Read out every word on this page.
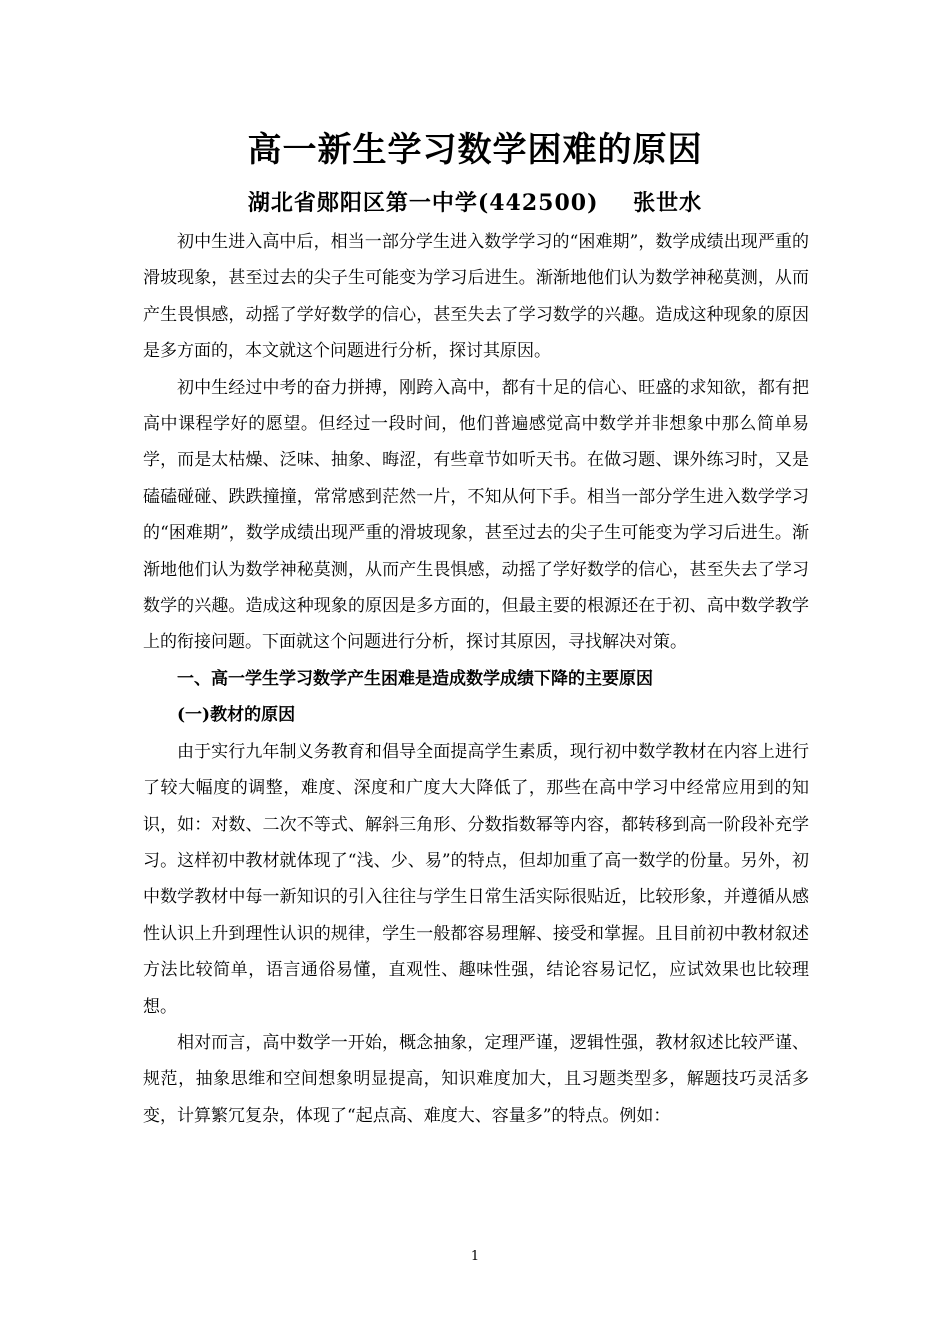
高一新生学习数学困难的原因
湖北省郧阳区第一中学(442500)    张世水

初中生进入高中后，相当一部分学生进入数学学习的“困难期”，数学成绩出现严重的滑坡现象，甚至过去的尖子生可能变为学习后进生。渐渐地他们认为数学神秘莫测，从而产生畏惧感，动摇了学好数学的信心，甚至失去了学习数学的兴趣。造成这种现象的原因是多方面的，本文就这个问题进行分析，探讨其原因。

初中生经过中考的奋力拼搏，刚跨入高中，都有十足的信心、旺盛的求知欲，都有把高中课程学好的愿望。但经过一段时间，他们普遍感觉高中数学并非想象中那么简单易学，而是太枯燥、泛味、抽象、晦涩，有些章节如听天书。在做习题、课外练习时，又是磕磕碰碰、跌跌撞撞，常常感到茫然一片，不知从何下手。相当一部分学生进入数学学习的“困难期”，数学成绩出现严重的滑坡现象，甚至过去的尖子生可能变为学习后进生。渐渐地他们认为数学神秘莫测，从而产生畏惧感，动摇了学好数学的信心，甚至失去了学习数学的兴趣。造成这种现象的原因是多方面的，但最主要的根源还在于初、高中数学教学上的衔接问题。下面就这个问题进行分析，探讨其原因，寻找解决对策。

一、高一学生学习数学产生困难是造成数学成绩下降的主要原因

(一)教材的原因

由于实行九年制义务教育和倡导全面提高学生素质，现行初中数学教材在内容上进行了较大幅度的调整，难度、深度和广度大大降低了，那些在高中学习中经常应用到的知识，如：对数、二次不等式、解斜三角形、分数指数幂等内容，都转移到高一阶段补充学习。这样初中教材就体现了“浅、少、易”的特点，但却加重了高一数学的份量。另外，初中数学教材中每一新知识的引入往往与学生日常生活实际很贴近，比较形象，并遵循从感性认识上升到理性认识的规律，学生一般都容易理解、接受和掌握。且目前初中教材叙述方法比较简单，语言通俗易懂，直观性、趣味性强，结论容易记忆，应试效果也比较理想。

相对而言，高中数学一开始，概念抽象，定理严谨，逻辑性强，教材叙述比较严谨、规范，抽象思维和空间想象明显提高，知识难度加大，且习题类型多，解题技巧灵活多变，计算繁冗复杂，体现了“起点高、难度大、容量多”的特点。例如：

1
